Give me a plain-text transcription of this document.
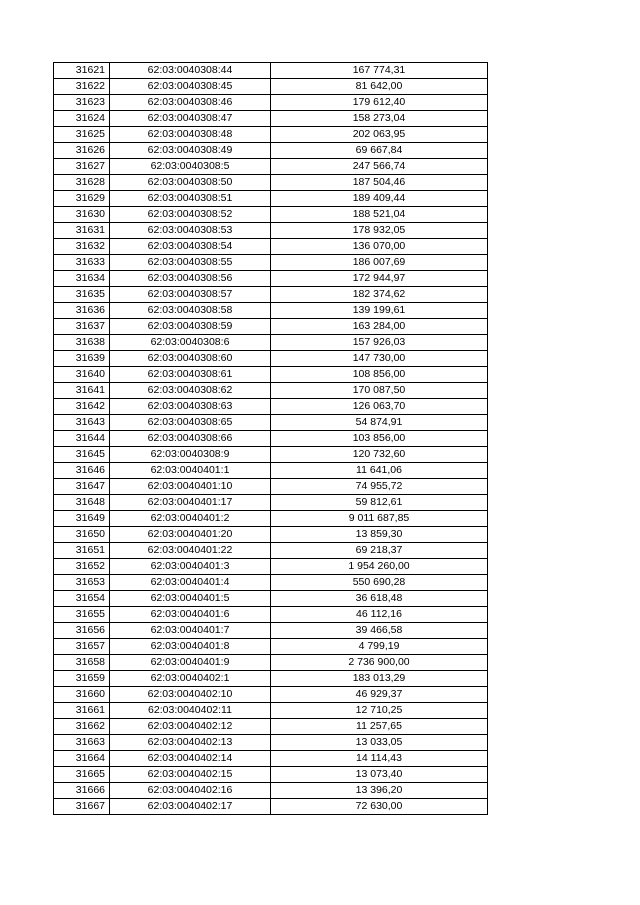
31621	62:03:0040308:44	167 774,31
31622	62:03:0040308:45	81 642,00
31623	62:03:0040308:46	179 612,40
31624	62:03:0040308:47	158 273,04
31625	62:03:0040308:48	202 063,95
31626	62:03:0040308:49	69 667,84
31627	62:03:0040308:5	247 566,74
31628	62:03:0040308:50	187 504,46
31629	62:03:0040308:51	189 409,44
31630	62:03:0040308:52	188 521,04
31631	62:03:0040308:53	178 932,05
31632	62:03:0040308:54	136 070,00
31633	62:03:0040308:55	186 007,69
31634	62:03:0040308:56	172 944,97
31635	62:03:0040308:57	182 374,62
31636	62:03:0040308:58	139 199,61
31637	62:03:0040308:59	163 284,00
31638	62:03:0040308:6	157 926,03
31639	62:03:0040308:60	147 730,00
31640	62:03:0040308:61	108 856,00
31641	62:03:0040308:62	170 087,50
31642	62:03:0040308:63	126 063,70
31643	62:03:0040308:65	54 874,91
31644	62:03:0040308:66	103 856,00
31645	62:03:0040308:9	120 732,60
31646	62:03:0040401:1	11 641,06
31647	62:03:0040401:10	74 955,72
31648	62:03:0040401:17	59 812,61
31649	62:03:0040401:2	9 011 687,85
31650	62:03:0040401:20	13 859,30
31651	62:03:0040401:22	69 218,37
31652	62:03:0040401:3	1 954 260,00
31653	62:03:0040401:4	550 690,28
31654	62:03:0040401:5	36 618,48
31655	62:03:0040401:6	46 112,16
31656	62:03:0040401:7	39 466,58
31657	62:03:0040401:8	4 799,19
31658	62:03:0040401:9	2 736 900,00
31659	62:03:0040402:1	183 013,29
31660	62:03:0040402:10	46 929,37
31661	62:03:0040402:11	12 710,25
31662	62:03:0040402:12	11 257,65
31663	62:03:0040402:13	13 033,05
31664	62:03:0040402:14	14 114,43
31665	62:03:0040402:15	13 073,40
31666	62:03:0040402:16	13 396,20
31667	62:03:0040402:17	72 630,00
